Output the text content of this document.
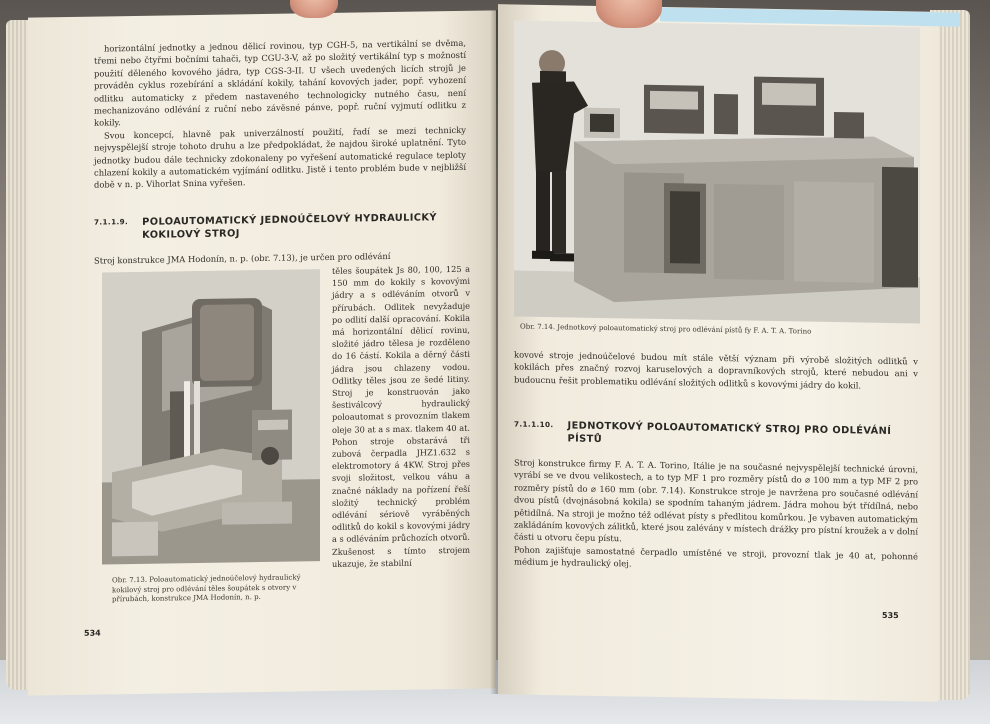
horizontální jednotky a jednou dělicí rovinou, typ CGH-5, na vertikální se dvěma, třemi nebo čtyřmi bočními tahači, typ CGU-3-V, až po složitý vertikální typ s možností použití děleného kovového jádra, typ CGS-3-II. U všech uvedených licích strojů je prováděn cyklus rozebírání a skládání kokily, tahání kovových jader, popř. vyhození odlitku automaticky z předem nastaveného technologicky nutného času, není mechanizováno odlévání z ruční nebo závěsné pánve, popř. ruční vyjmutí odlitku z kokily.

Svou koncepcí, hlavně pak univerzálností použití, řadí se mezi technicky nejvyspělejší stroje tohoto druhu a lze předpokládat, že najdou široké uplatnění. Tyto jednotky budou dále technicky zdokonaleny po vyřešení automatické regulace teploty chlazení kokily a automatickém vyjímání odlitku. Jistě i tento problém bude v nejbližší době v n. p. Vihorlat Snina vyřešen.

7.1.1.9. POLOAUTOMATICKÝ JEDNOÚČELOVÝ HYDRAULICKÝ KOKILOVÝ STROJ

Stroj konstrukce JMA Hodonín, n. p. (obr. 7.13), je určen pro odlévání

těles šoupátek Js 80, 100, 125 a 150 mm do kokily s kovovými jádry a s odléváním otvorů v přírubách. Odlitek nevyžaduje po odlití další opracování. Kokila má horizontální dělicí rovinu, složité jádro tělesa je rozděleno do 16 částí. Kokila a děrný části jádra jsou chlazeny vodou. Odlitky těles jsou ze šedé litiny. Stroj je konstruován jako šestiválcový hydraulický poloautomat s provozním tlakem oleje 30 at a s max. tlakem 40 at. Pohon stroje obstarává tři zubová čerpadla JHZ1.632 s elektromotory á 4KW. Stroj přes svoji složitost, velkou váhu a značné náklady na pořízení řeší složitý technický problém odlévání sériově vyráběných odlitků do kokil s kovovými jádry a s odléváním průchozích otvorů. Zkušenost s tímto strojem ukazuje, že stabilní

Obr. 7.13. Poloautomatický jednoúčelový hydraulický kokilový stroj pro odlévání těles šoupátek s otvory v přírubách, konstrukce JMA Hodonín, n. p.
534
Obr. 7.14. Jednotkový poloautomatický stroj pro odlévání pístů fy F. A. T. A. Torino

kovové stroje jednoúčelové budou mít stále větší význam při výrobě složitých odlitků v kokilách přes značný rozvoj karuselových a dopravníkových strojů, které nebudou ani v budoucnu řešit problematiku odlévání složitých odlitků s kovovými jádry do kokil.

7.1.1.10. JEDNOTKOVÝ POLOAUTOMATICKÝ STROJ PRO ODLÉVÁNÍ PÍSTŮ

Stroj konstrukce firmy F. A. T. A. Torino, Itálie je na současné nejvyspělejší technické úrovni, vyrábí se ve dvou velikostech, a to typ MF 1 pro rozměry pístů do ⌀ 100 mm a typ MF 2 pro rozměry pístů do ⌀ 160 mm (obr. 7.14). Konstrukce stroje je navržena pro současné odlévání dvou pístů (dvojnásobná kokila) se spodním tahaným jádrem. Jádra mohou být třídílná, nebo pětidílná. Na stroji je možno též odlévat písty s předlitou komůrkou. Je vybaven automatickým zakládáním kovových zálitků, které jsou zalévány v místech drážky pro pístní kroužek a v dolní části u otvoru čepu pístu.

Pohon zajišťuje samostatné čerpadlo umístěné ve stroji, provozní tlak je 40 at, pohonné médium je hydraulický olej.

535
